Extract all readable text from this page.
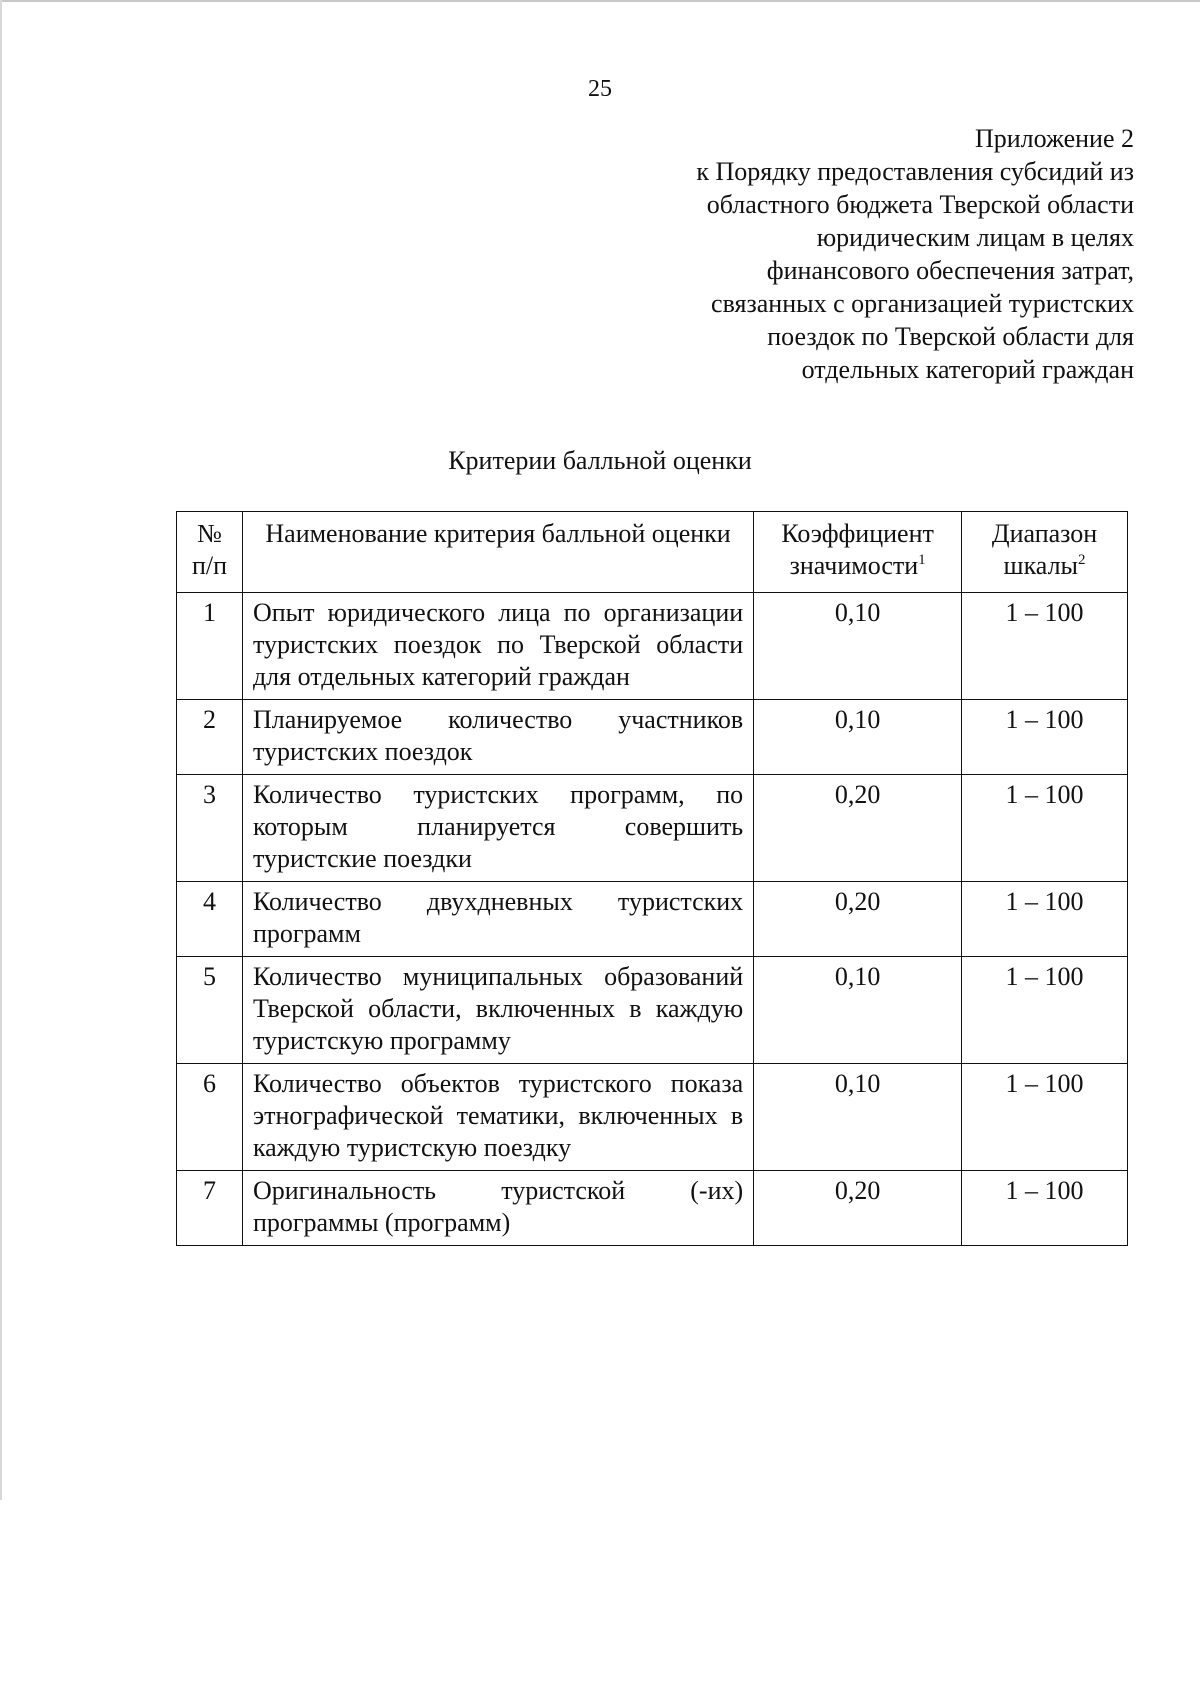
25
Приложение 2
к Порядку предоставления субсидий из
областного бюджета Тверской области
юридическим лицам в целях
финансового обеспечения затрат,
связанных с организацией туристских
поездок по Тверской области для
отдельных категорий граждан
Критерии балльной оценки
№
п/п	Наименование критерия балльной оценки	Коэффициент значимости$^1$	Диапазон шкалы$^2$
1	Опыт юридического лица по организации туристских поездок по Тверской области для отдельных категорий граждан	0,10	1 – 100
2	Планируемое количество участников туристских поездок	0,10	1 – 100
3	Количество туристских программ, по которым планируется совершить туристские поездки	0,20	1 – 100
4	Количество двухдневных туристских программ	0,20	1 – 100
5	Количество муниципальных образований Тверской области, включенных в каждую туристскую программу	0,10	1 – 100
6	Количество объектов туристского показа этнографической тематики, включенных в каждую туристскую поездку	0,10	1 – 100
7	Оригинальность туристской (-их) программы (программ)	0,20	1 – 100
